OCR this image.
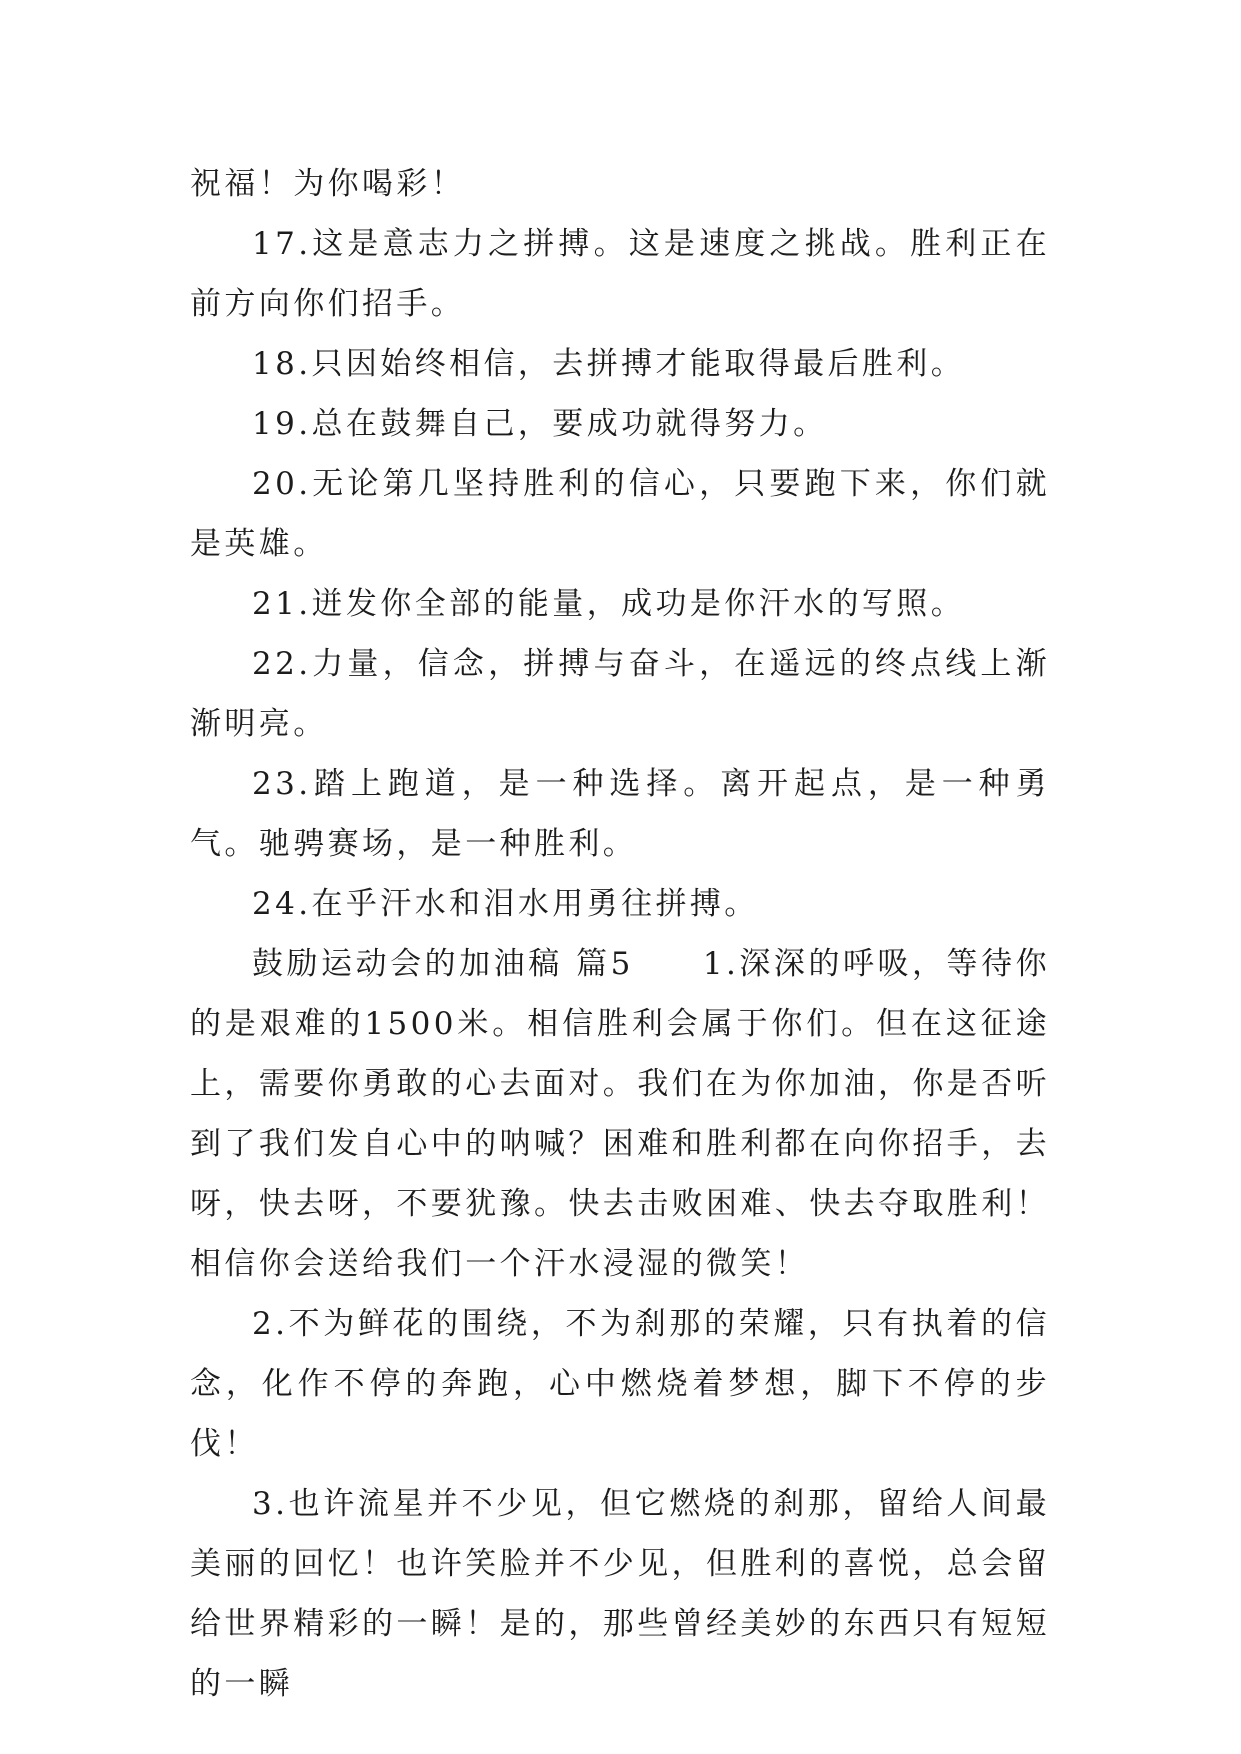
祝福！为你喝彩！

17.这是意志力之拼搏。这是速度之挑战。胜利正在前方向你们招手。

18.只因始终相信，去拼搏才能取得最后胜利。

19.总在鼓舞自己，要成功就得努力。

20.无论第几坚持胜利的信心，只要跑下来，你们就是英雄。

21.迸发你全部的能量，成功是你汗水的写照。

22.力量，信念，拼搏与奋斗，在遥远的终点线上渐渐明亮。

23.踏上跑道，是一种选择。离开起点，是一种勇气。驰骋赛场，是一种胜利。

24.在乎汗水和泪水用勇往拼搏。

鼓励运动会的加油稿 篇5　　1.深深的呼吸，等待你的是艰难的1500米。相信胜利会属于你们。但在这征途上，需要你勇敢的心去面对。我们在为你加油，你是否听到了我们发自心中的呐喊？困难和胜利都在向你招手，去呀，快去呀，不要犹豫。快去击败困难、快去夺取胜利！相信你会送给我们一个汗水浸湿的微笑！

2.不为鲜花的围绕，不为刹那的荣耀，只有执着的信念，化作不停的奔跑，心中燃烧着梦想，脚下不停的步伐！

3.也许流星并不少见，但它燃烧的刹那，留给人间最美丽的回忆！也许笑脸并不少见，但胜利的喜悦，总会留给世界精彩的一瞬！是的，那些曾经美妙的东西只有短短的一瞬
